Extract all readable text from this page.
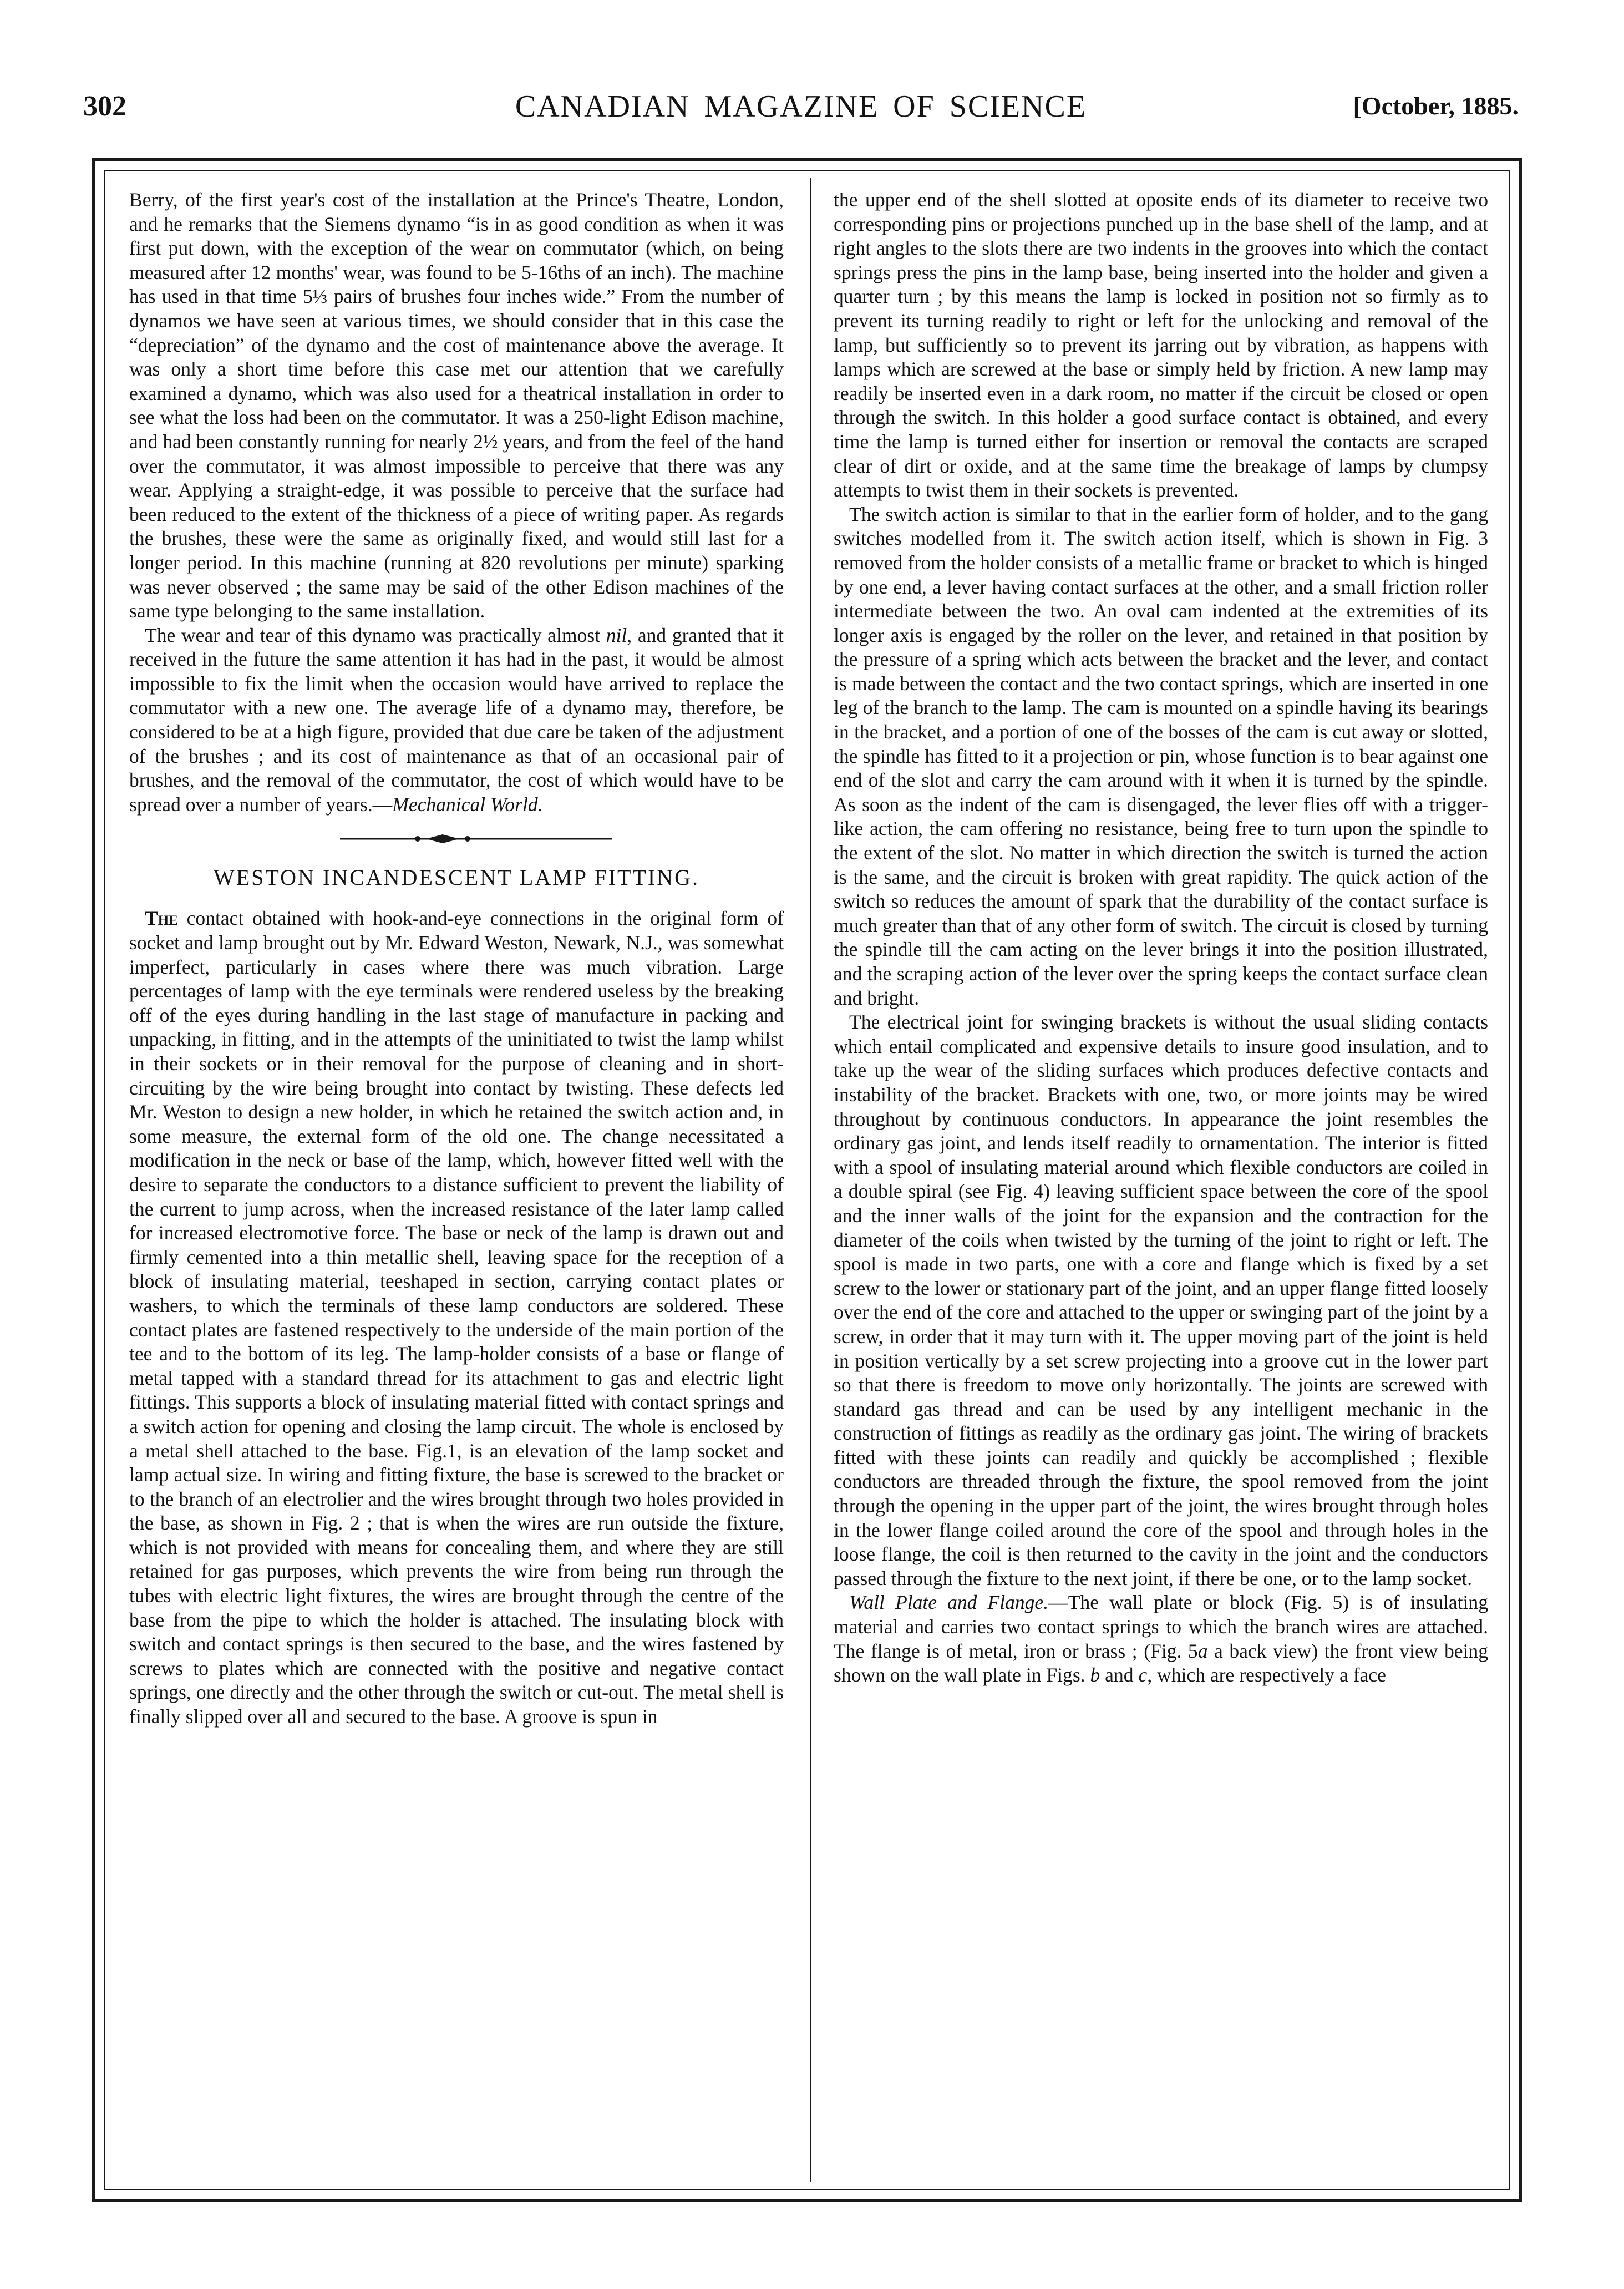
302	CANADIAN MAGAZINE OF SCIENCE	[October, 1885.

Berry, of the first year's cost of the installation at the Prince's Theatre, London, and he remarks that the Siemens dynamo “is in as good condition as when it was first put down, with the exception of the wear on commutator (which, on being measured after 12 months' wear, was found to be 5-16ths of an inch). The machine has used in that time 5⅓ pairs of brushes four inches wide.” From the number of dynamos we have seen at various times, we should consider that in this case the “depreciation” of the dynamo and the cost of maintenance above the average. It was only a short time before this case met our attention that we carefully examined a dynamo, which was also used for a theatrical installation in order to see what the loss had been on the commutator. It was a 250-light Edison machine, and had been constantly running for nearly 2½ years, and from the feel of the hand over the commutator, it was almost impossible to perceive that there was any wear. Applying a straight-edge, it was possible to perceive that the surface had been reduced to the extent of the thickness of a piece of writing paper. As regards the brushes, these were the same as originally fixed, and would still last for a longer period. In this machine (running at 820 revolutions per minute) sparking was never observed ; the same may be said of the other Edison machines of the same type belonging to the same installation.

The wear and tear of this dynamo was practically almost nil, and granted that it received in the future the same attention it has had in the past, it would be almost impossible to fix the limit when the occasion would have arrived to replace the commutator with a new one. The average life of a dynamo may, therefore, be considered to be at a high figure, provided that due care be taken of the adjustment of the brushes ; and its cost of maintenance as that of an occasional pair of brushes, and the removal of the commutator, the cost of which would have to be spread over a number of years.—Mechanical World.

WESTON INCANDESCENT LAMP FITTING.

The contact obtained with hook-and-eye connections in the original form of socket and lamp brought out by Mr. Edward Weston, Newark, N.J., was somewhat imperfect, particularly in cases where there was much vibration. Large percentages of lamp with the eye terminals were rendered useless by the breaking off of the eyes during handling in the last stage of manufacture in packing and unpacking, in fitting, and in the attempts of the uninitiated to twist the lamp whilst in their sockets or in their removal for the purpose of cleaning and in short-circuiting by the wire being brought into contact by twisting. These defects led Mr. Weston to design a new holder, in which he retained the switch action and, in some measure, the external form of the old one. The change necessitated a modification in the neck or base of the lamp, which, however fitted well with the desire to separate the conductors to a distance sufficient to prevent the liability of the current to jump across, when the increased resistance of the later lamp called for increased electromotive force. The base or neck of the lamp is drawn out and firmly cemented into a thin metallic shell, leaving space for the reception of a block of insulating material, teeshaped in section, carrying contact plates or washers, to which the terminals of these lamp conductors are soldered. These contact plates are fastened respectively to the underside of the main portion of the tee and to the bottom of its leg. The lamp-holder consists of a base or flange of metal tapped with a standard thread for its attachment to gas and electric light fittings. This supports a block of insulating material fitted with contact springs and a switch action for opening and closing the lamp circuit. The whole is enclosed by a metal shell attached to the base. Fig.1, is an elevation of the lamp socket and lamp actual size. In wiring and fitting fixture, the base is screwed to the bracket or to the branch of an electrolier and the wires brought through two holes provided in the base, as shown in Fig. 2 ; that is when the wires are run outside the fixture, which is not provided with means for concealing them, and where they are still retained for gas purposes, which prevents the wire from being run through the tubes with electric light fixtures, the wires are brought through the centre of the base from the pipe to which the holder is attached. The insulating block with switch and contact springs is then secured to the base, and the wires fastened by screws to plates which are connected with the positive and negative contact springs, one directly and the other through the switch or cut-out. The metal shell is finally slipped over all and secured to the base. A groove is spun in

the upper end of the shell slotted at oposite ends of its diameter to receive two corresponding pins or projections punched up in the base shell of the lamp, and at right angles to the slots there are two indents in the grooves into which the contact springs press the pins in the lamp base, being inserted into the holder and given a quarter turn ; by this means the lamp is locked in position not so firmly as to prevent its turning readily to right or left for the unlocking and removal of the lamp, but sufficiently so to prevent its jarring out by vibration, as happens with lamps which are screwed at the base or simply held by friction. A new lamp may readily be inserted even in a dark room, no matter if the circuit be closed or open through the switch. In this holder a good surface contact is obtained, and every time the lamp is turned either for insertion or removal the contacts are scraped clear of dirt or oxide, and at the same time the breakage of lamps by clumpsy attempts to twist them in their sockets is prevented.

The switch action is similar to that in the earlier form of holder, and to the gang switches modelled from it. The switch action itself, which is shown in Fig. 3 removed from the holder consists of a metallic frame or bracket to which is hinged by one end, a lever having contact surfaces at the other, and a small friction roller intermediate between the two. An oval cam indented at the extremities of its longer axis is engaged by the roller on the lever, and retained in that position by the pressure of a spring which acts between the bracket and the lever, and contact is made between the contact and the two contact springs, which are inserted in one leg of the branch to the lamp. The cam is mounted on a spindle having its bearings in the bracket, and a portion of one of the bosses of the cam is cut away or slotted, the spindle has fitted to it a projection or pin, whose function is to bear against one end of the slot and carry the cam around with it when it is turned by the spindle. As soon as the indent of the cam is disengaged, the lever flies off with a trigger-like action, the cam offering no resistance, being free to turn upon the spindle to the extent of the slot. No matter in which direction the switch is turned the action is the same, and the circuit is broken with great rapidity. The quick action of the switch so reduces the amount of spark that the durability of the contact surface is much greater than that of any other form of switch. The circuit is closed by turning the spindle till the cam acting on the lever brings it into the position illustrated, and the scraping action of the lever over the spring keeps the contact surface clean and bright.

The electrical joint for swinging brackets is without the usual sliding contacts which entail complicated and expensive details to insure good insulation, and to take up the wear of the sliding surfaces which produces defective contacts and instability of the bracket. Brackets with one, two, or more joints may be wired throughout by continuous conductors. In appearance the joint resembles the ordinary gas joint, and lends itself readily to ornamentation. The interior is fitted with a spool of insulating material around which flexible conductors are coiled in a double spiral (see Fig. 4) leaving sufficient space between the core of the spool and the inner walls of the joint for the expansion and the contraction for the diameter of the coils when twisted by the turning of the joint to right or left. The spool is made in two parts, one with a core and flange which is fixed by a set screw to the lower or stationary part of the joint, and an upper flange fitted loosely over the end of the core and attached to the upper or swinging part of the joint by a screw, in order that it may turn with it. The upper moving part of the joint is held in position vertically by a set screw projecting into a groove cut in the lower part so that there is freedom to move only horizontally. The joints are screwed with standard gas thread and can be used by any intelligent mechanic in the construction of fittings as readily as the ordinary gas joint. The wiring of brackets fitted with these joints can readily and quickly be accomplished ; flexible conductors are threaded through the fixture, the spool removed from the joint through the opening in the upper part of the joint, the wires brought through holes in the lower flange coiled around the core of the spool and through holes in the loose flange, the coil is then returned to the cavity in the joint and the conductors passed through the fixture to the next joint, if there be one, or to the lamp socket.

Wall Plate and Flange.—The wall plate or block (Fig. 5) is of insulating material and carries two contact springs to which the branch wires are attached. The flange is of metal, iron or brass ; (Fig. 5a a back view) the front view being shown on the wall plate in Figs. b and c, which are respectively a face
